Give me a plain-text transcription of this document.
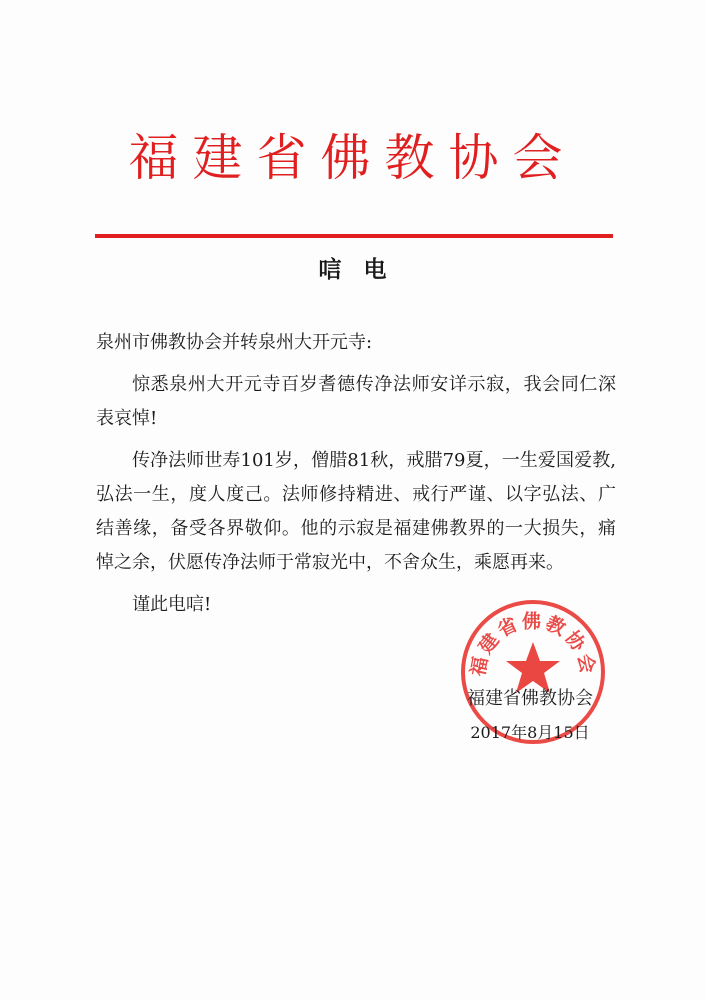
福建省佛教协会
唁电

泉州市佛教协会并转泉州大开元寺:

惊悉泉州大开元寺百岁耆德传净法师安详示寂，我会同仁深表哀悼!

传净法师世寿101岁，僧腊81秋，戒腊79夏，一生爱国爱教,弘法一生，度人度己。法师修持精进、戒行严谨、以字弘法、广结善缘，备受各界敬仰。他的示寂是福建佛教界的一大损失，痛悼之余，伏愿传净法师于常寂光中，不舍众生，乘愿再来。

谨此电唁!

福建省佛教协会
福建省佛教协会
2017年8月15日
